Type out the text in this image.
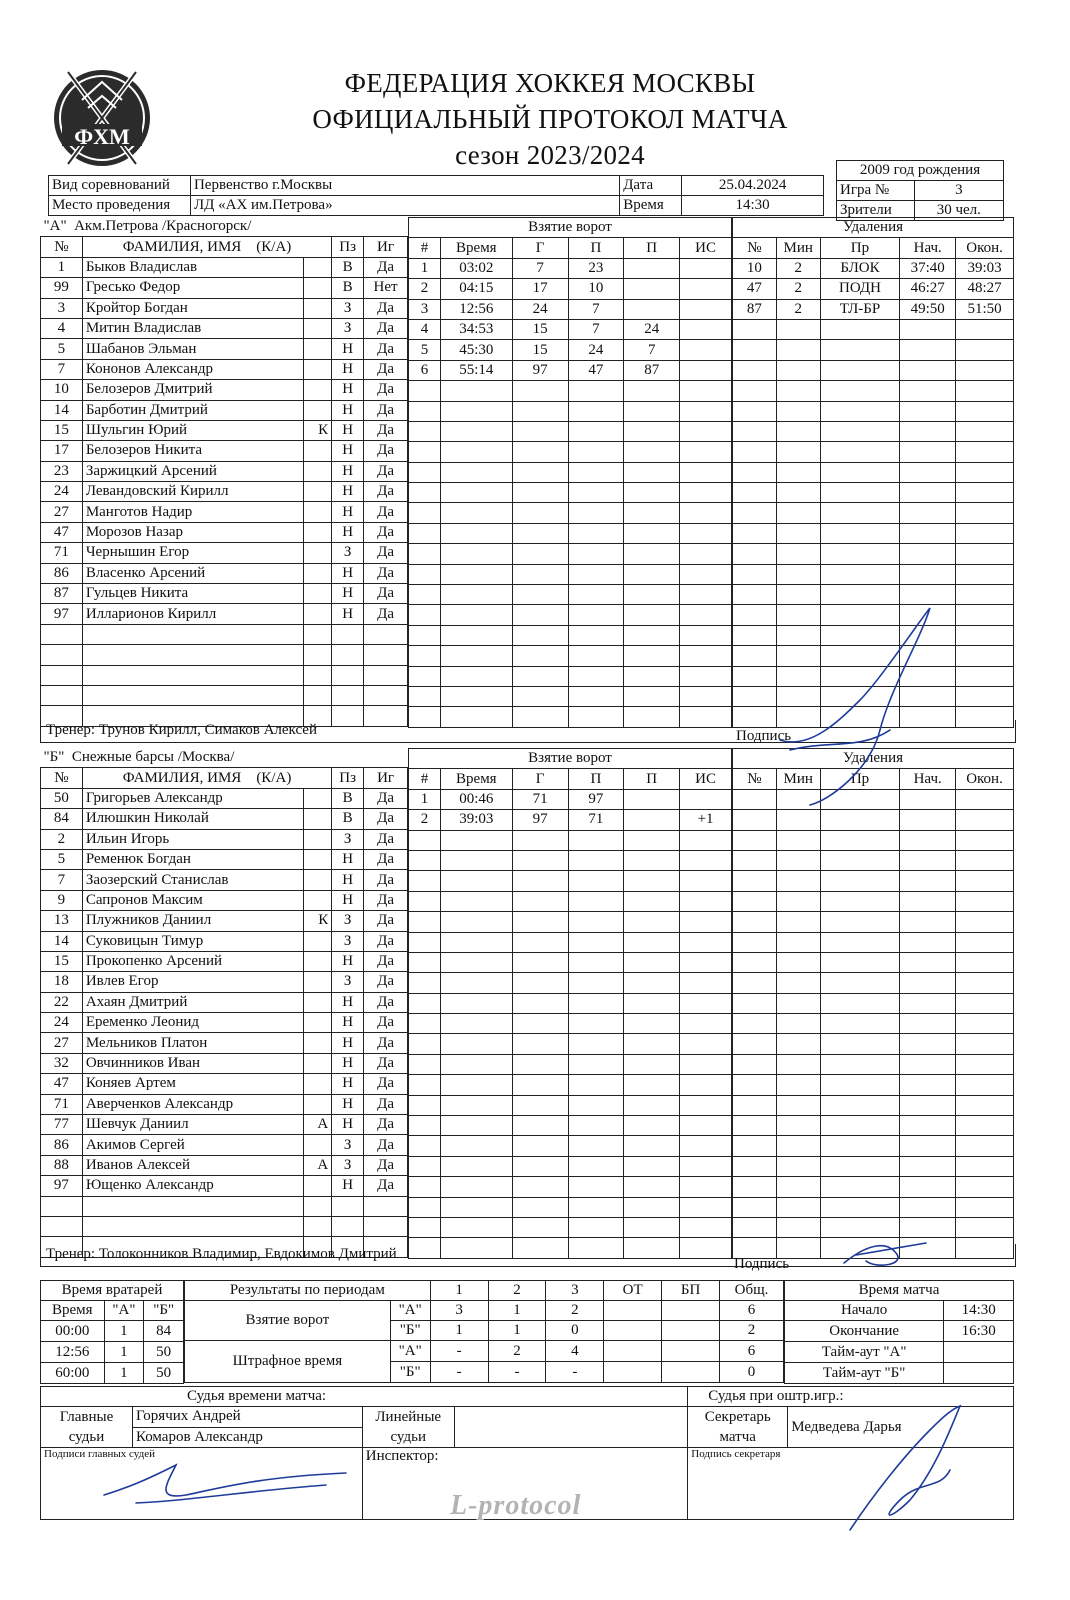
ФХМ
ФЕДЕРАЦИЯ ХОККЕЯ МОСКВЫ
ОФИЦИАЛЬНЫЙ ПРОТОКОЛ МАТЧА
сезон 2023/2024
Вид соревнований	Первенство г.Москвы	Дата	25.04.2024
Место проведения	ЛД «АХ им.Петрова»	Время	14:30
2009 год рождения	
Игра №	3
Зрители	30 чел.
"А" Акм.Петрова /Красногорск/				
№	ФАМИЛИЯ, ИМЯ (К/А)		Пз	Иг
1	Быков Владислав		В	Да
99	Гресько Федор		В	Нет
3	Кройтор Богдан		З	Да
4	Митин Владислав		З	Да
5	Шабанов Эльман		Н	Да
7	Кононов Александр		Н	Да
10	Белозеров Дмитрий		Н	Да
14	Барботин Дмитрий		Н	Да
15	Шульгин Юрий	К	Н	Да
17	Белозеров Никита		Н	Да
23	Заржицкий Арсений		Н	Да
24	Левандовский Кирилл		Н	Да
27	Манготов Надир		Н	Да
47	Морозов Назар		Н	Да
71	Чернышин Егор		З	Да
86	Власенко Арсений		Н	Да
87	Гульцев Никита		Н	Да
97	Илларионов Кирилл		Н	Да

Взятие ворот					
#	Время	Г	П	П	ИС
1	03:02	7	23		
2	04:15	17	10		
3	12:56	24	7		
4	34:53	15	7	24	
5	45:30	15	24	7	
6	55:14	97	47	87	

Удаления				
№	Мин	Пр	Нач.	Окон.
10	2	БЛОК	37:40	39:03
47	2	ПОДН	46:27	48:27
87	2	ТЛ-БР	49:50	51:50

Тренер: Трунов Кирилл, Симаков Алексей	Подпись
"Б" Снежные барсы /Москва/				
№	ФАМИЛИЯ, ИМЯ (К/А)		Пз	Иг
50	Григорьев Александр		В	Да
84	Илюшкин Николай		В	Да
2	Ильин Игорь		З	Да
5	Ременюк Богдан		Н	Да
7	Заозерский Станислав		Н	Да
9	Сапронов Максим		Н	Да
13	Плужников Даниил	К	З	Да
14	Суковицын Тимур		З	Да
15	Прокопенко Арсений		Н	Да
18	Ивлев Егор		З	Да
22	Ахаян Дмитрий		Н	Да
24	Еременко Леонид		Н	Да
27	Мельников Платон		Н	Да
32	Овчинников Иван		Н	Да
47	Коняев Артем		Н	Да
71	Аверченков Александр		Н	Да
77	Шевчук Даниил	А	Н	Да
86	Акимов Сергей		З	Да
88	Иванов Алексей	А	З	Да
97	Ющенко Александр		Н	Да

Взятие ворот					
#	Время	Г	П	П	ИС
1	00:46	71	97		
2	39:03	97	71		+1

Удаления				
№	Мин	Пр	Нач.	Окон.

Тренер: Толоконников Владимир, Евдокимов Дмитрий
Подпись
Время вратарей		
Время	"А"	"Б"
00:00	1	84
12:56	1	50
60:00	1	50
Результаты по периодам		1	2	3	ОТ	БП	Общ.
Взятие ворот	"А"	3	1	2			6
	"Б"	1	1	0			2
Штрафное время	"А"	-	2	4			6
	"Б"	-	-	-			0
Время матча	
Начало	14:30
Окончание	16:30
Тайм-аут "А"	
Тайм-аут "Б"	
Судья времени матча:				Судья при оштр.игр.:	
Главные судьи	Горячих Андрей	Линейные судьи		Секретарь матча	Медведева Дарья
	Комаров Александр				
Подписи главных судей		Инспектор:		Подпись секретаря	
L-protocol
